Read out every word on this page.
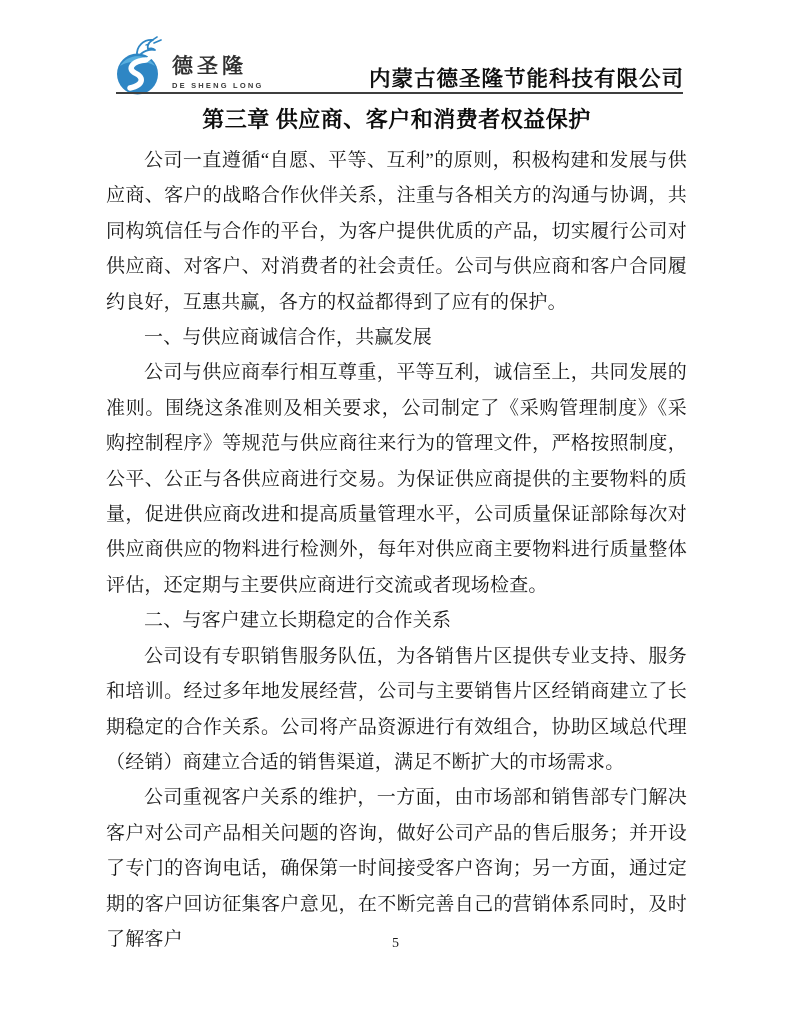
德圣隆
DE SHENG LONG	内蒙古德圣隆节能科技有限公司
第三章 供应商、客户和消费者权益保护

公司一直遵循“自愿、平等、互利”的原则，积极构建和发展与供应商、客户的战略合作伙伴关系，注重与各相关方的沟通与协调，共同构筑信任与合作的平台，为客户提供优质的产品，切实履行公司对供应商、对客户、对消费者的社会责任。公司与供应商和客户合同履约良好，互惠共赢，各方的权益都得到了应有的保护。

一、与供应商诚信合作，共赢发展

公司与供应商奉行相互尊重，平等互利，诚信至上，共同发展的准则。围绕这条准则及相关要求，公司制定了《采购管理制度》《采购控制程序》等规范与供应商往来行为的管理文件，严格按照制度，公平、公正与各供应商进行交易。为保证供应商提供的主要物料的质量，促进供应商改进和提高质量管理水平，公司质量保证部除每次对供应商供应的物料进行检测外，每年对供应商主要物料进行质量整体评估，还定期与主要供应商进行交流或者现场检查。

二、与客户建立长期稳定的合作关系

公司设有专职销售服务队伍，为各销售片区提供专业支持、服务和培训。经过多年地发展经营，公司与主要销售片区经销商建立了长期稳定的合作关系。公司将产品资源进行有效组合，协助区域总代理（经销）商建立合适的销售渠道，满足不断扩大的市场需求。

公司重视客户关系的维护，一方面，由市场部和销售部专门解决客户对公司产品相关问题的咨询，做好公司产品的售后服务；并开设了专门的咨询电话，确保第一时间接受客户咨询；另一方面，通过定期的客户回访征集客户意见，在不断完善自己的营销体系同时，及时了解客户	5
